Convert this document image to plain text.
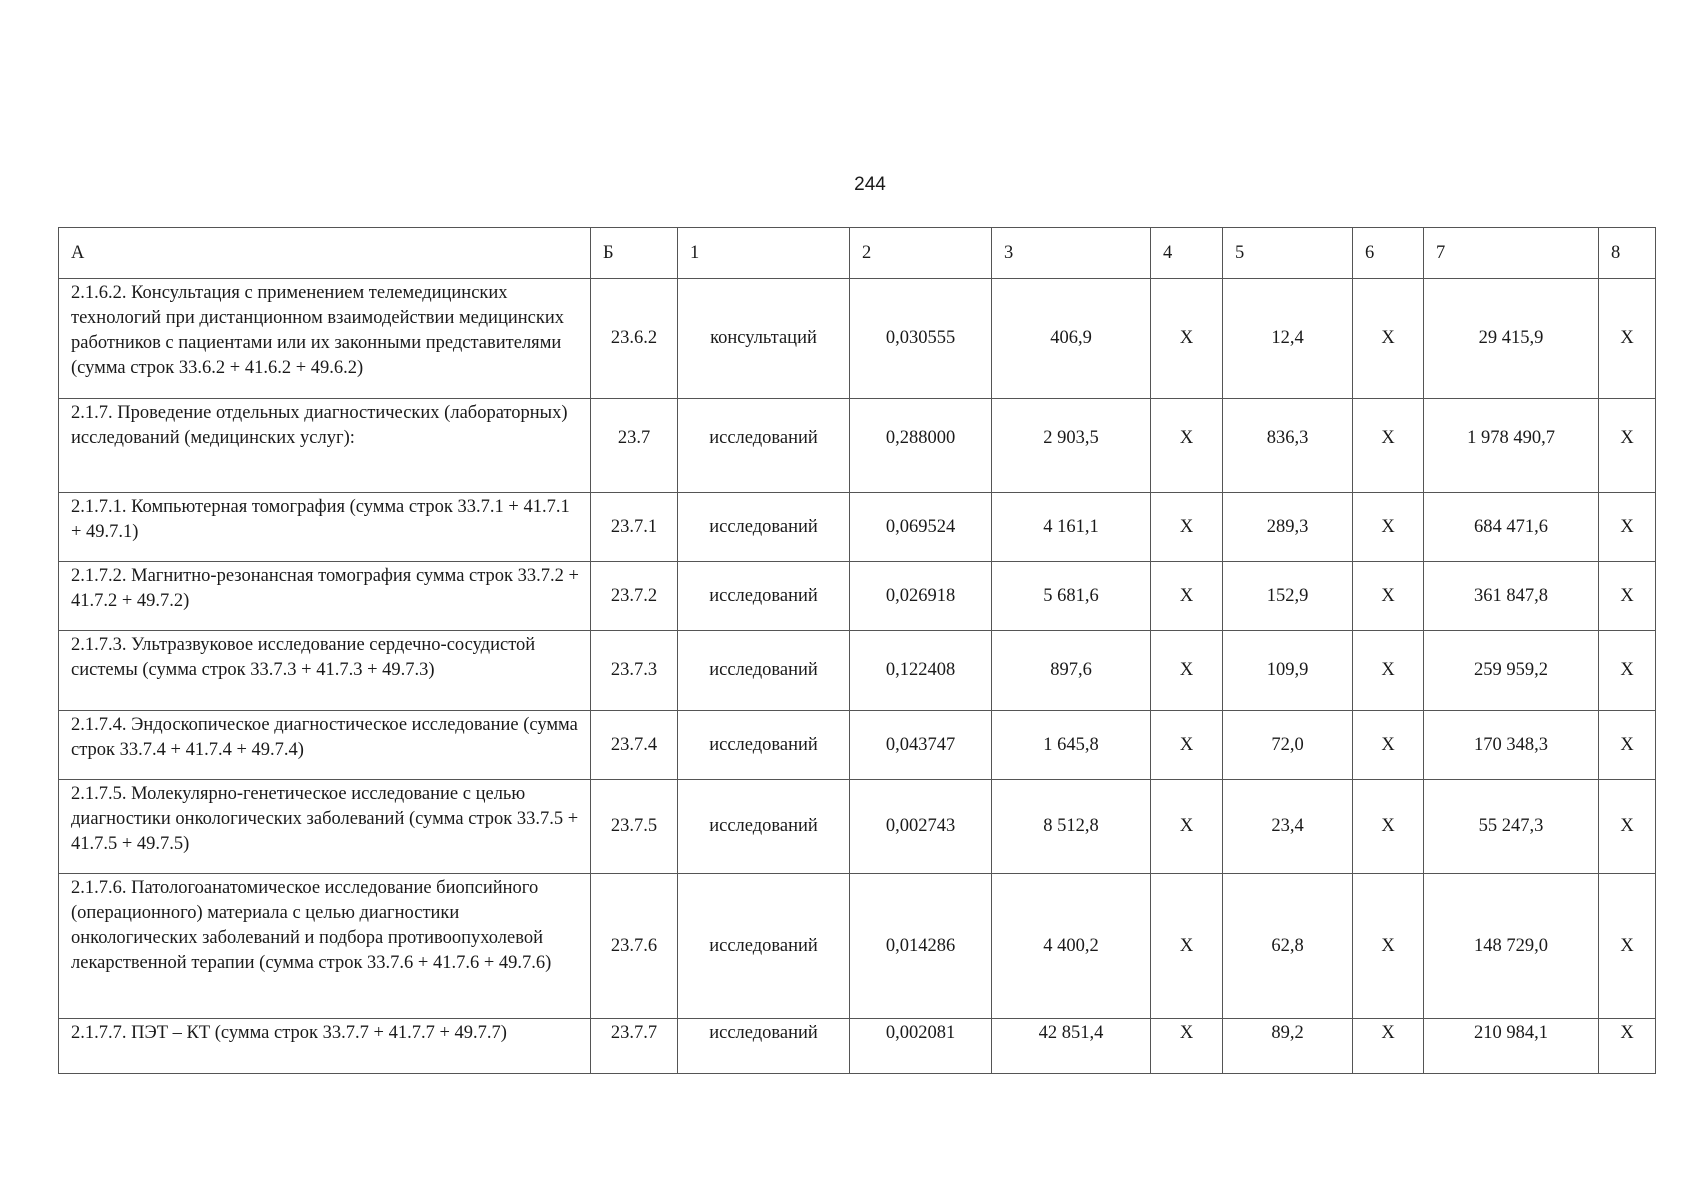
244
А	Б	1	2	3	4	5	6	7	8
2.1.6.2. Консультация с применением телемедицинских технологий при дистанционном взаимодействии медицинских работников с пациентами или их законными представителями (сумма строк 33.6.2 + 41.6.2 + 49.6.2)	23.6.2	консультаций	0,030555	406,9	X	12,4	X	29 415,9	X
2.1.7. Проведение отдельных диагностических (лабораторных) исследований (медицинских услуг):	23.7	исследований	0,288000	2 903,5	X	836,3	X	1 978 490,7	X
2.1.7.1. Компьютерная томография (сумма строк 33.7.1 + 41.7.1 + 49.7.1)	23.7.1	исследований	0,069524	4 161,1	X	289,3	X	684 471,6	X
2.1.7.2. Магнитно-резонансная томография сумма строк 33.7.2 + 41.7.2 + 49.7.2)	23.7.2	исследований	0,026918	5 681,6	X	152,9	X	361 847,8	X
2.1.7.3. Ультразвуковое исследование сердечно-сосудистой системы (сумма строк 33.7.3 + 41.7.3 + 49.7.3)	23.7.3	исследований	0,122408	897,6	X	109,9	X	259 959,2	X
2.1.7.4. Эндоскопическое диагностическое исследование (сумма строк 33.7.4 + 41.7.4 + 49.7.4)	23.7.4	исследований	0,043747	1 645,8	X	72,0	X	170 348,3	X
2.1.7.5. Молекулярно-генетическое исследование с целью диагностики онкологических заболеваний (сумма строк 33.7.5 + 41.7.5 + 49.7.5)	23.7.5	исследований	0,002743	8 512,8	X	23,4	X	55 247,3	X
2.1.7.6. Патологоанатомическое исследование биопсийного (операционного) материала с целью диагностики онкологических заболеваний и подбора противоопухолевой лекарственной терапии (сумма строк 33.7.6 + 41.7.6 + 49.7.6)	23.7.6	исследований	0,014286	4 400,2	X	62,8	X	148 729,0	X
2.1.7.7. ПЭТ – КТ (сумма строк 33.7.7 + 41.7.7 + 49.7.7)	23.7.7	исследований	0,002081	42 851,4	X	89,2	X	210 984,1	X
